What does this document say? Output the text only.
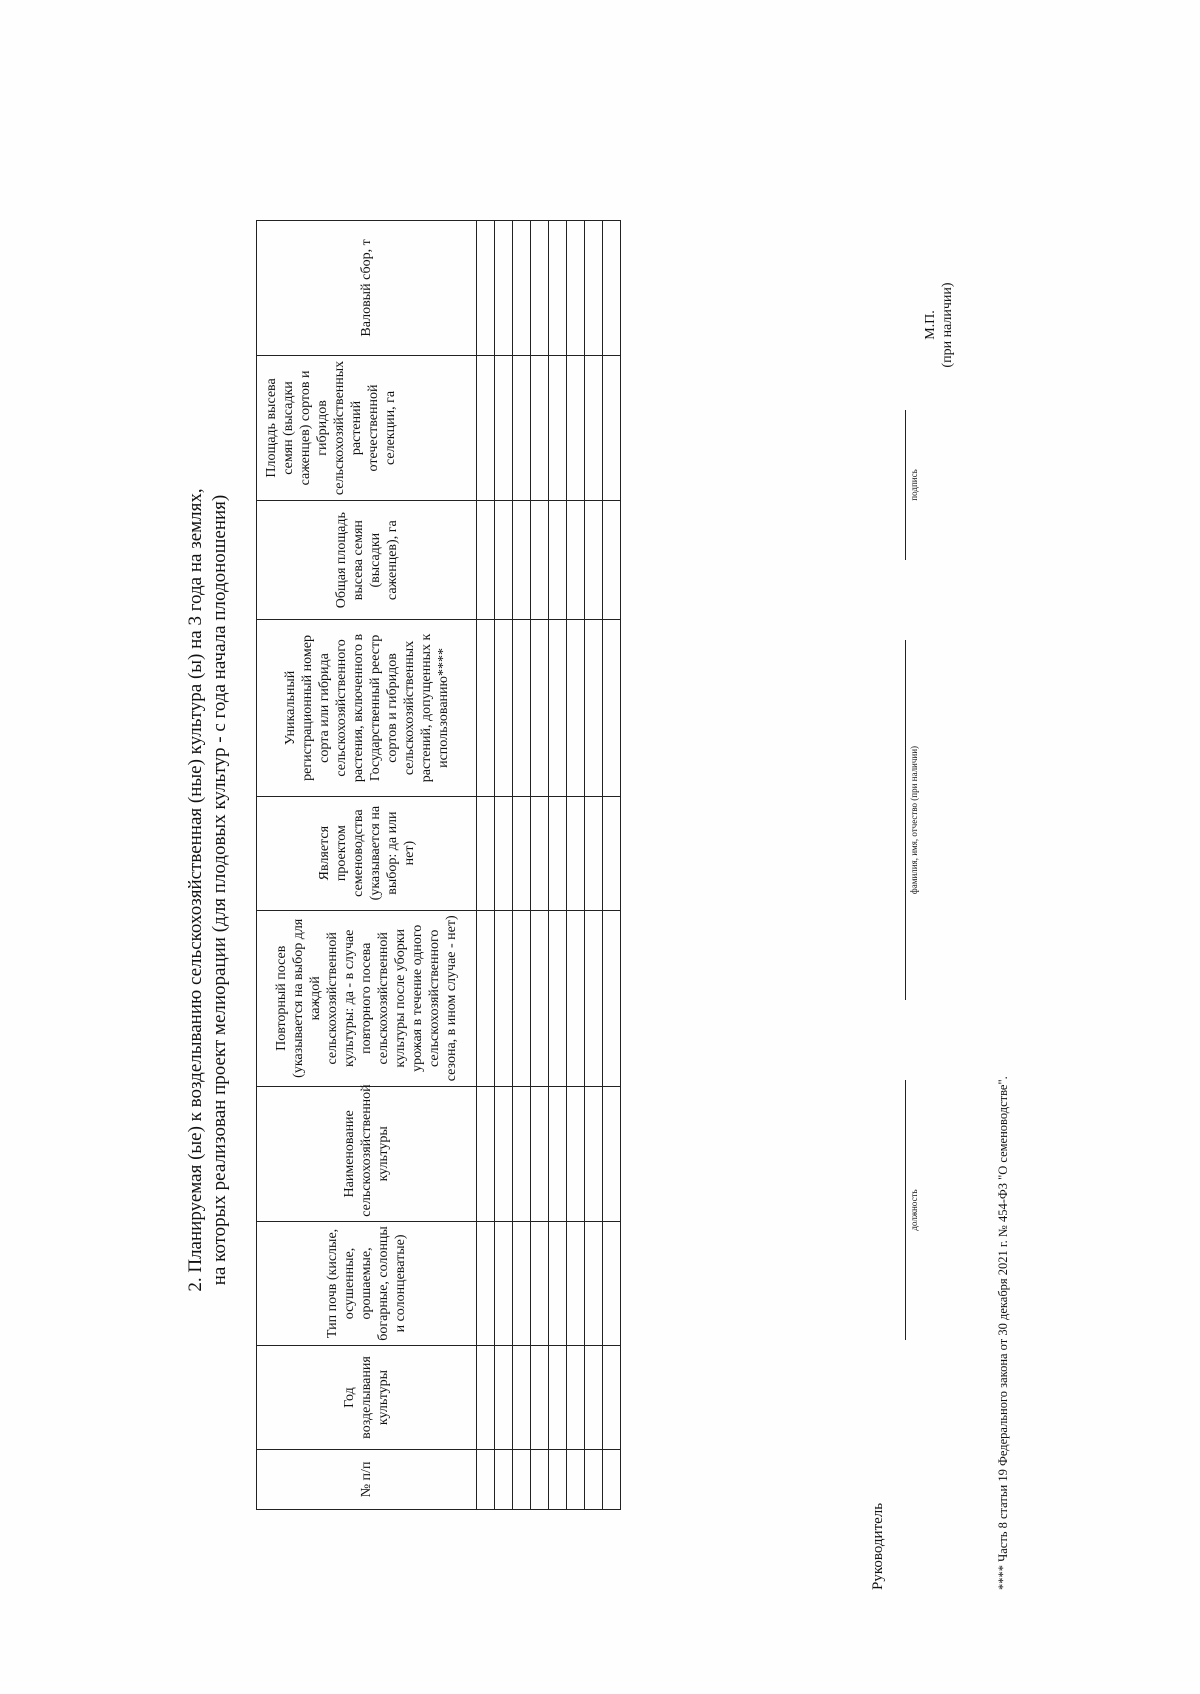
2. Планируемая (ые) к возделыванию сельскохозяйственная (ные) культура (ы) на 3 года на землях, на которых реализован проект мелиорации (для плодовых культур - с года начала плодоношения)
№ п/п	Год возделывания культуры	Тип почв (кислые, осушенные, орошаемые, богарные, солонцы и солонцеватые)	Наименование сельскохозяйственной культуры	Повторный посев (указывается на выбор для каждой сельскохозяйственной культуры: да - в случае повторного посева сельскохозяйственной культуры после уборки урожая в течение одного сельскохозяйственного сезона, в ином случае - нет)	Является проектом семеноводства (указывается на выбор: да или нет)	Уникальный регистрационный номер сорта или гибрида сельскохозяйственного растения, включенного в Государственный реестр сортов и гибридов сельскохозяйственных растений, допущенных к использованию****	Общая площадь высева семян (высадки саженцев), га	Площадь высева семян (высадки саженцев) сортов и гибридов сельскохозяйственных растений отечественной селекции, га	Валовый сбор, т

Руководитель
должность
фамилия, имя, отчество (при наличии)
подпись
М.П. (при наличии)
**** Часть 8 статьи 19 Федерального закона от 30 декабря 2021 г. № 454-ФЗ "О семеноводстве".
